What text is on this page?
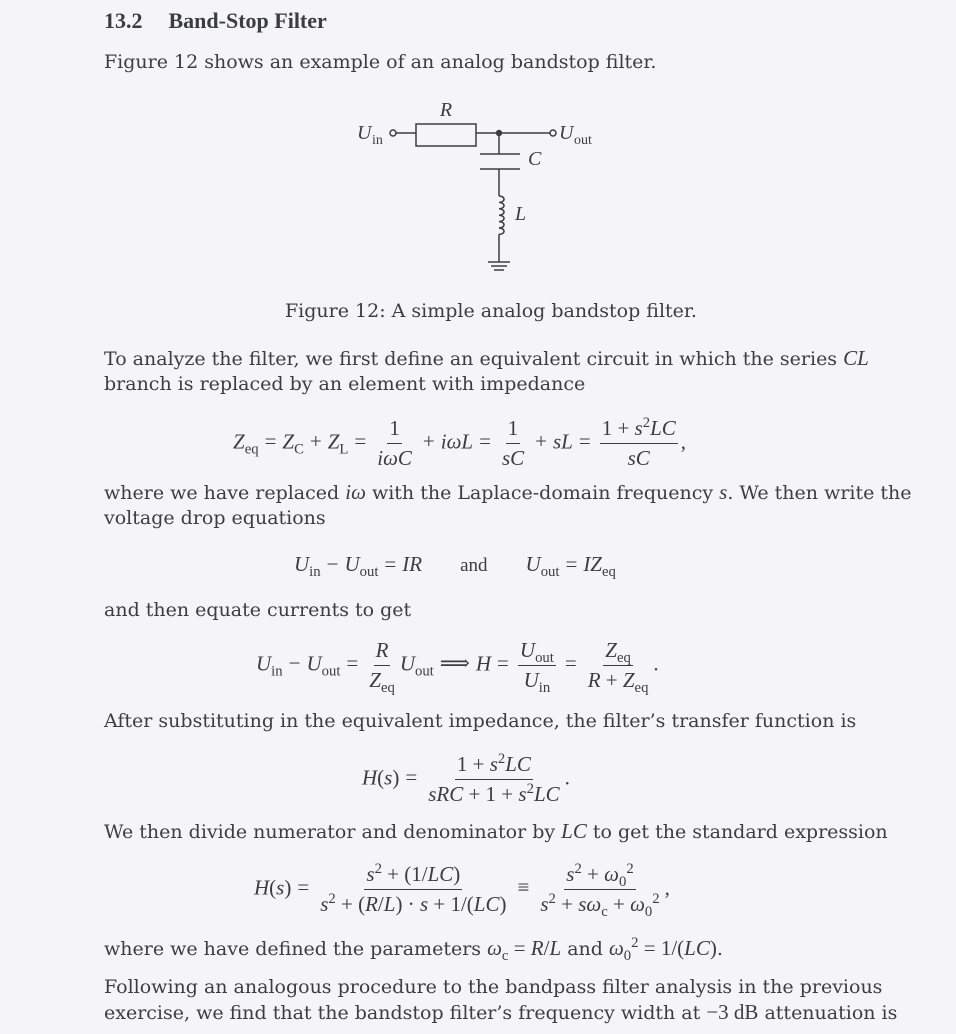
13.2 Band-Stop Filter
Figure 12 shows an example of an analog bandstop filter.
R
C
L
U in	U out
Figure 12: A simple analog bandstop filter.
To analyze the filter, we first define an equivalent circuit in which the series CL
branch is replaced by an element with impedance
$Z_{eq} = Z_C + Z_L = \frac{1}{\text{iωC}} + i\omega L = \frac{1}{sC}$ + sL = $\frac{1 + s^2LC}{sC}$ ,
where we have replaced iω with the Laplace-domain frequency s. We then write the
voltage drop equations
$U_{in} - U_{out}$ = IR and $U_{out} = IZ_{eq}$
and then equate currents to get
$U_{in} - U_{out} = \frac{R}{Z_{eq}} U_{out}$ ⟹ $H = \frac{U_{out}}{U_{in}} = \frac{Z_{eq}}{R + Z_{eq}}$ .
After substituting in the equivalent impedance, the filter’s transfer function is
$H(s) = \frac{1 + s^2LC}{sRC + 1 + s^2LC}$ .
We then divide numerator and denominator by LC to get the standard expression
$H(s) = \frac{s^2 + (1/LC)}{s^2 + (R/L) \cdot s + 1/(LC)} \equiv \frac{s^2 + \omega_0^2}{s^2 + s\omega_c + \omega_0^2}$ ,
where we have defined the parameters $\omega_c = R/L$ and $\omega_0^2 = 1/(LC)$.
Following an analogous procedure to the bandpass filter analysis in the previous
exercise, we find that the bandstop filter’s frequency width at −3 dB attenuation is
